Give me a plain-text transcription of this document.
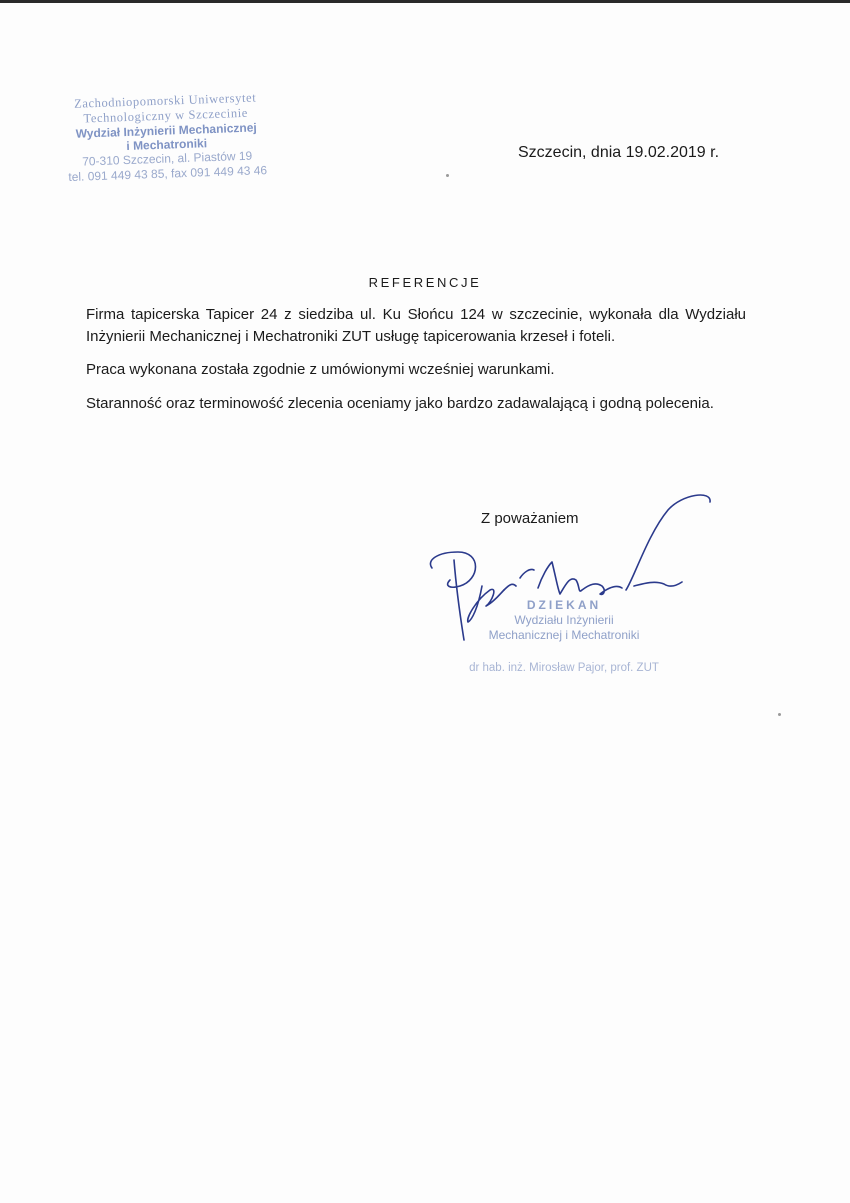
Zachodniopomorski Uniwersytet
Technologiczny w Szczecinie
Wydział Inżynierii Mechanicznej
i Mechatroniki
70-310 Szczecin, al. Piastów 19
tel. 091 449 43 85, fax 091 449 43 46
Szczecin, dnia 19.02.2019 r.
REFERENCJE
Firma tapicerska Tapicer 24 z siedziba ul. Ku Słońcu 124 w szczecinie, wykonała dla Wydziału Inżynierii Mechanicznej i Mechatroniki ZUT usługę tapicerowania krzeseł i foteli.
Praca wykonana została zgodnie z umówionymi wcześniej warunkami.
Staranność oraz terminowość zlecenia oceniamy jako bardzo zadawalającą i godną polecenia.
Z poważaniem
DZIEKAN
Wydziału Inżynierii
Mechanicznej i Mechatroniki
dr hab. inż. Mirosław Pajor, prof. ZUT
